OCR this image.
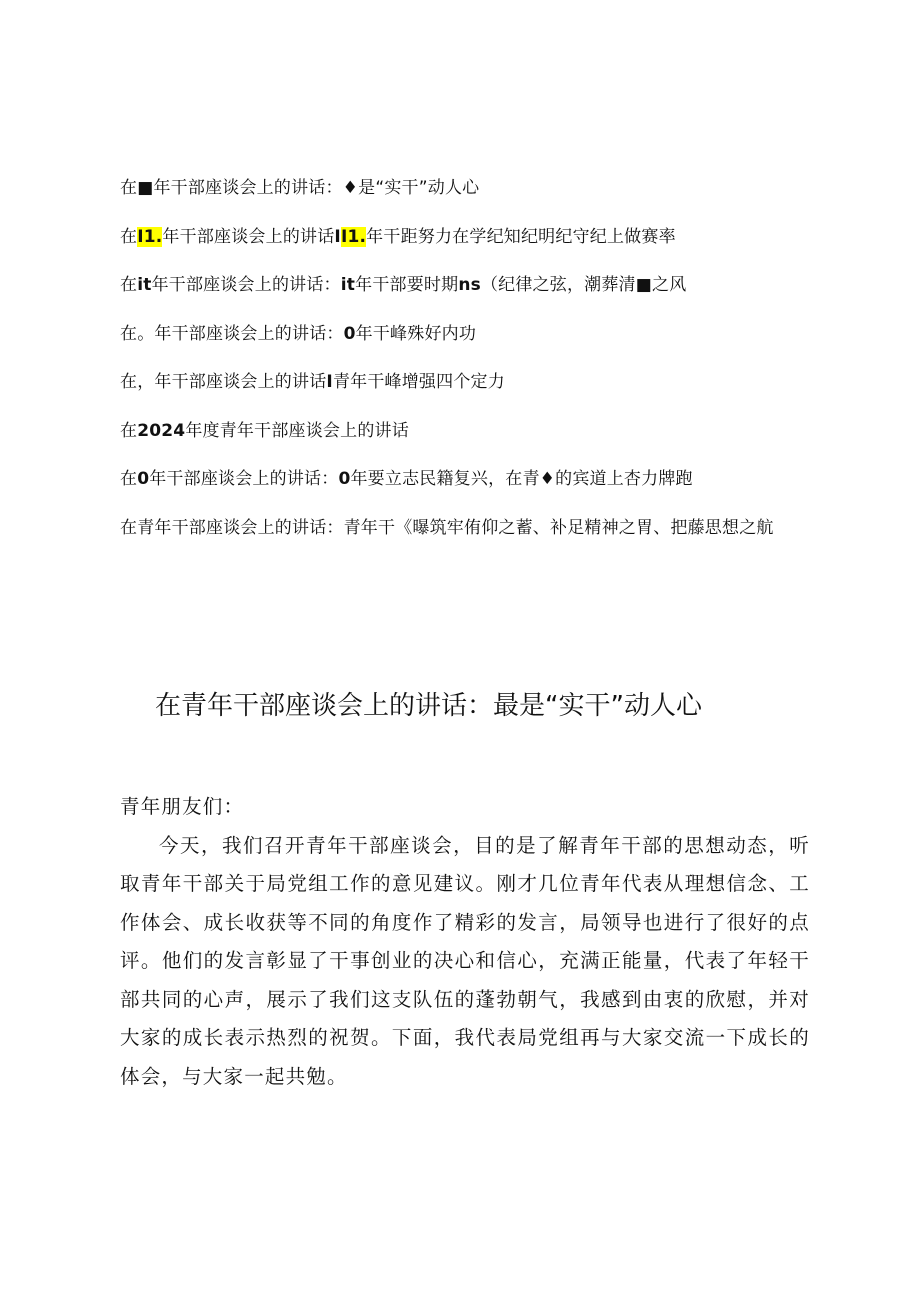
在■年干部座谈会上的讲话：♦是“实干”动人心
在I1.年干部座谈会上的讲话II1.年干距努力在学纪知纪明纪守纪上做赛率
在it年干部座谈会上的讲话：it年干部要时期ns（纪律之弦，潮葬清■之风
在。年干部座谈会上的讲话：0年干峰殊好内功
在，年干部座谈会上的讲话I青年干峰增强四个定力
在2024年度青年干部座谈会上的讲话
在0年干部座谈会上的讲话：0年要立志民籍复兴，在青♦的宾道上杏力牌跑
在青年干部座谈会上的讲话：青年干《曝筑牢侑仰之蓄、补足精神之胃、把藤思想之航
在青年干部座谈会上的讲话：最是“实干”动人心

青年朋友们：

今天，我们召开青年干部座谈会，目的是了解青年干部的思想动态，听取青年干部关于局党组工作的意见建议。刚才几位青年代表从理想信念、工作体会、成长收获等不同的角度作了精彩的发言，局领导也进行了很好的点评。他们的发言彰显了干事创业的决心和信心，充满正能量，代表了年轻干部共同的心声，展示了我们这支队伍的蓬勃朝气，我感到由衷的欣慰，并对大家的成长表示热烈的祝贺。下面，我代表局党组再与大家交流一下成长的体会，与大家一起共勉。
